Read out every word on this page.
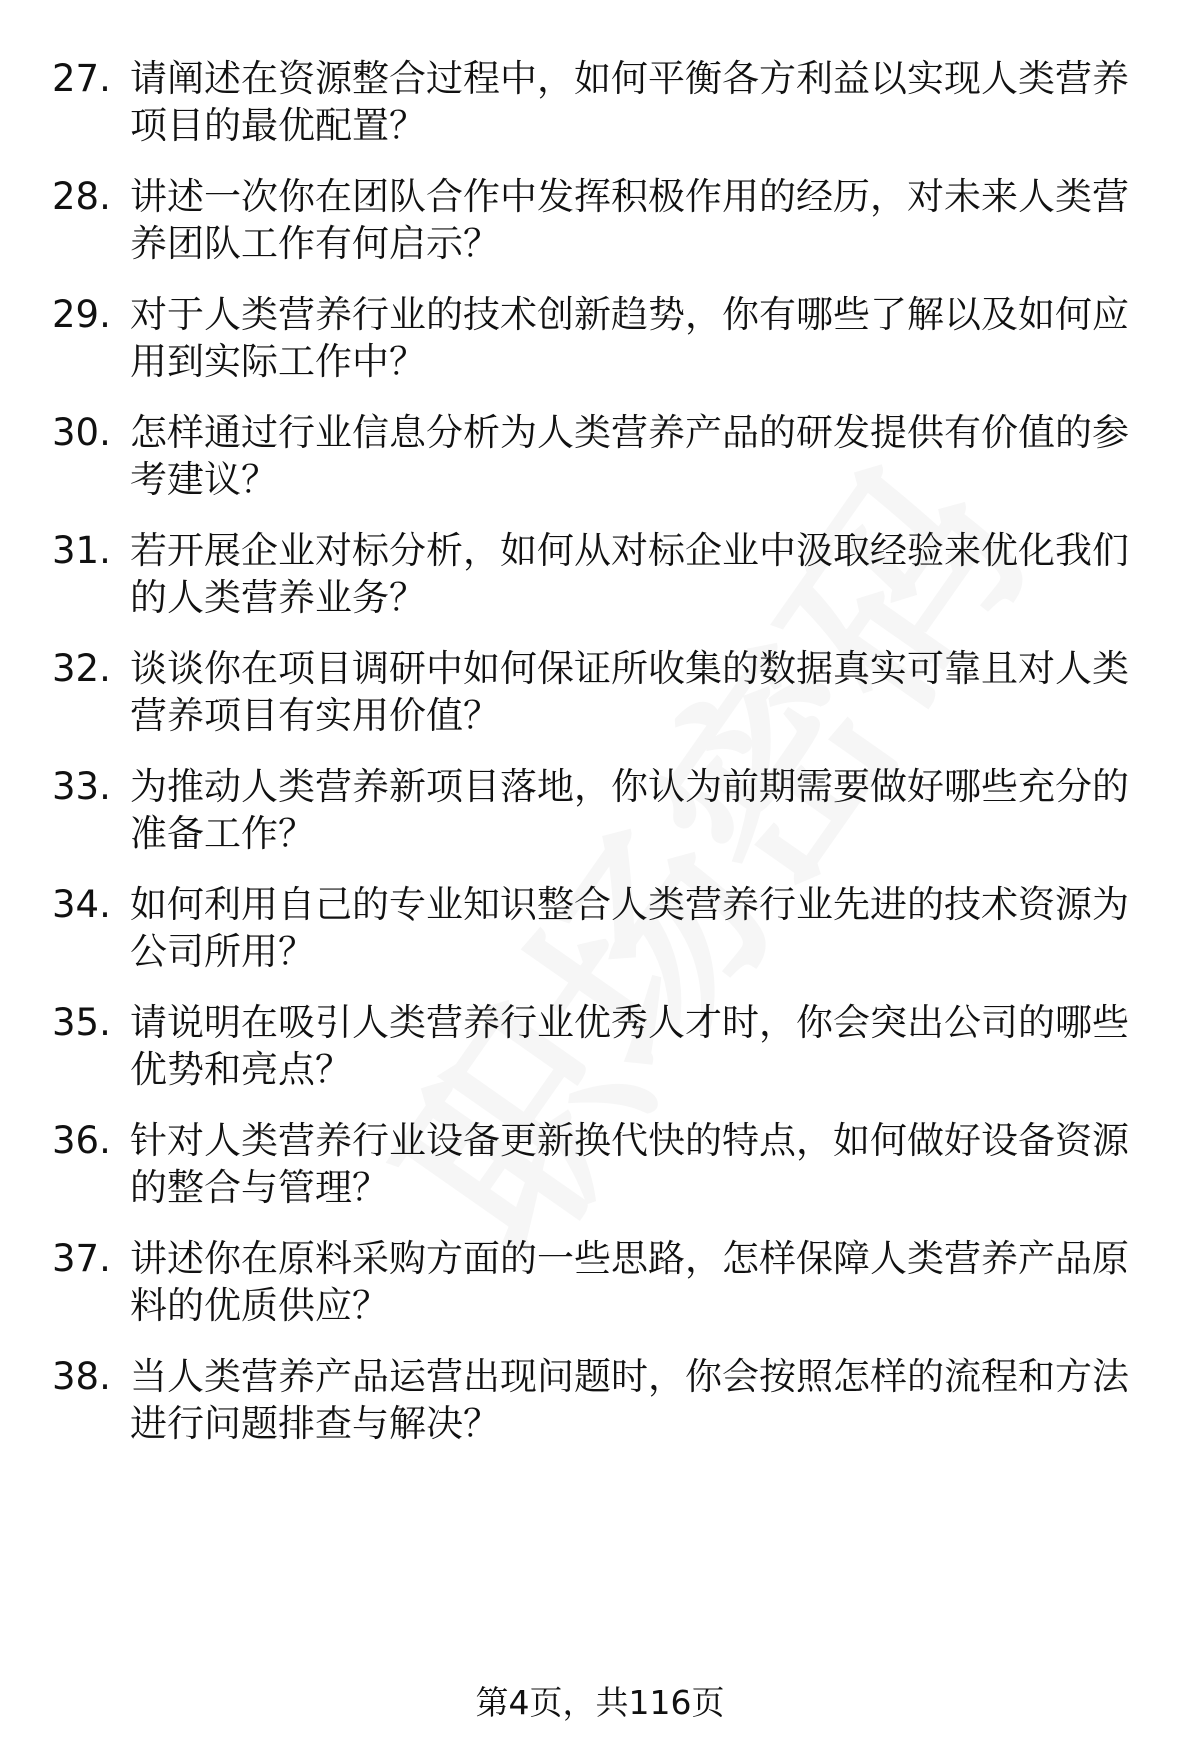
27. 请阐述在资源整合过程中，如何平衡各方利益以实现人类营养项目的最优配置？
28. 讲述一次你在团队合作中发挥积极作用的经历，对未来人类营养团队工作有何启示？
29. 对于人类营养行业的技术创新趋势，你有哪些了解以及如何应用到实际工作中？
30. 怎样通过行业信息分析为人类营养产品的研发提供有价值的参考建议？
31. 若开展企业对标分析，如何从对标企业中汲取经验来优化我们的人类营养业务？
32. 谈谈你在项目调研中如何保证所收集的数据真实可靠且对人类营养项目有实用价值？
33. 为推动人类营养新项目落地，你认为前期需要做好哪些充分的准备工作？
34. 如何利用自己的专业知识整合人类营养行业先进的技术资源为公司所用？
35. 请说明在吸引人类营养行业优秀人才时，你会突出公司的哪些优势和亮点？
36. 针对人类营养行业设备更新换代快的特点，如何做好设备资源的整合与管理？
37. 讲述你在原料采购方面的一些思路，怎样保障人类营养产品原料的优质供应？
38. 当人类营养产品运营出现问题时，你会按照怎样的流程和方法进行问题排查与解决？
第4页，共116页
